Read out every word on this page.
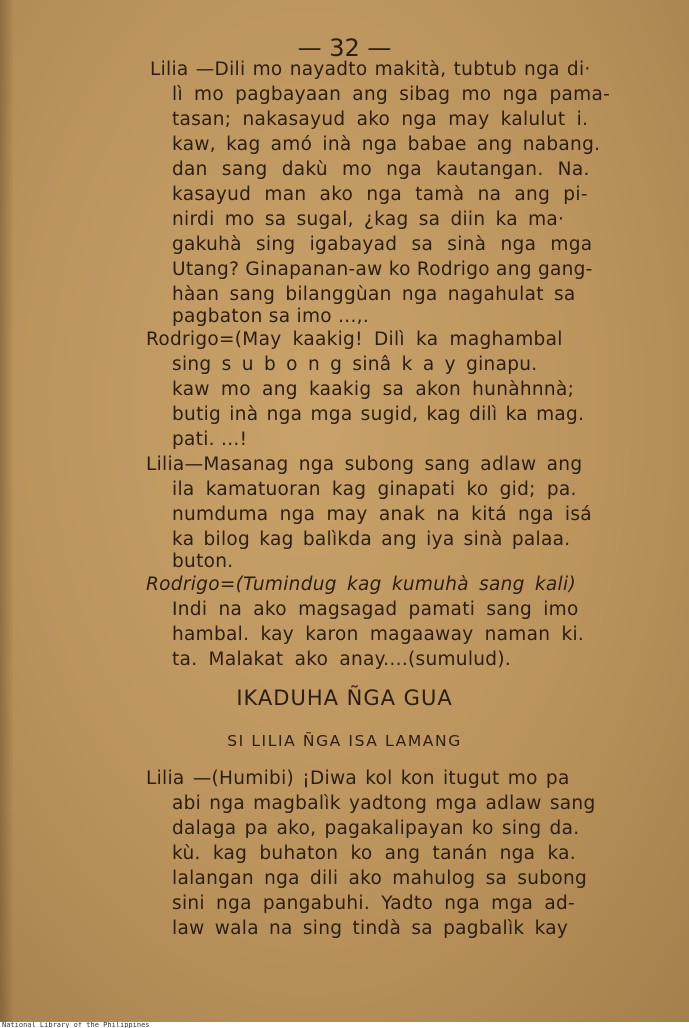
— 32 —
Lilia —Dili mo nayadto makità, tubtub nga di·
lì mo pagbayaan ang sibag mo nga pama-
tasan; nakasayud ako nga may kalulut i.
kaw, kag amó inà nga babae ang nabang.
dan sang dakù mo nga kautangan. Na.
kasayud man ako nga tamà na ang pi-
nirdi mo sa sugal, ¿kag sa diin ka ma·
gakuhà sing igabayad sa sinà nga mga
Utang? Ginapanan-aw ko Rodrigo ang gang-
hàan sang bilanggùan nga nagahulat sa
pagbaton sa imo ...,.
Rodrigo=(May kaakig! Dilì ka maghambal
sing s u b o n g sinâ k a y ginapu.
kaw mo ang kaakig sa akon hunàhnnà;
butig inà nga mga sugid, kag dilì ka mag.
pati. ...!
Lilia—Masanag nga subong sang adlaw ang
ila kamatuoran kag ginapati ko gid; pa.
numduma nga may anak na kitá nga isá
ka bilog kag balìkda ang iya sinà palaa.
buton.
Rodrigo=(Tumindug kag kumuhà sang kali)
Indi na ako magsagad pamati sang imo
hambal. kay karon magaaway naman ki.
ta. Malakat ako anay....(sumulud).
IKADUHA ÑGA GUA
SI LILIA ÑGA ISA LAMANG
Lilia —(Humibi) ¡Diwa kol kon itugut mo pa
abi nga magbalìk yadtong mga adlaw sang
dalaga pa ako, pagakalipayan ko sing da.
kù. kag buhaton ko ang tanán nga ka.
lalangan nga dili ako mahulog sa subong
sini nga pangabuhi. Yadto nga mga ad-
law wala na sing tindà sa pagbalìk kay
National Library of the Philippines
